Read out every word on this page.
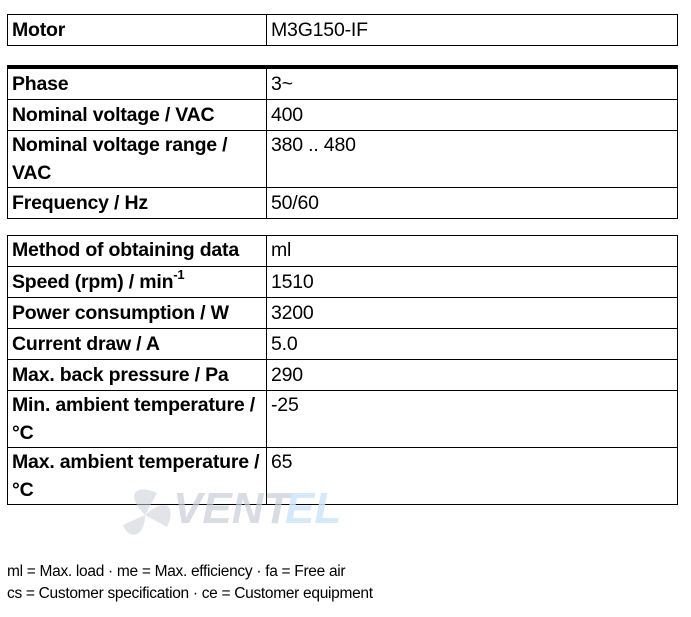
Motor	M3G150-IF
Phase	3~
Nominal voltage / VAC	400
Nominal voltage range / VAC	380 .. 480
Frequency / Hz	50/60
Method of obtaining data	ml
Speed $(rpm) / \min^{-1}$	1510
Power consumption / W	3200
Current draw / A	5.0
Max. back pressure / Pa	290
Min. ambient temperature / °C	-25
Max. ambient temperature / °C	65
VENT
EL
ml = Max. load · me = Max. efficiency · fa = Free air
cs = Customer specification · ce = Customer equipment
